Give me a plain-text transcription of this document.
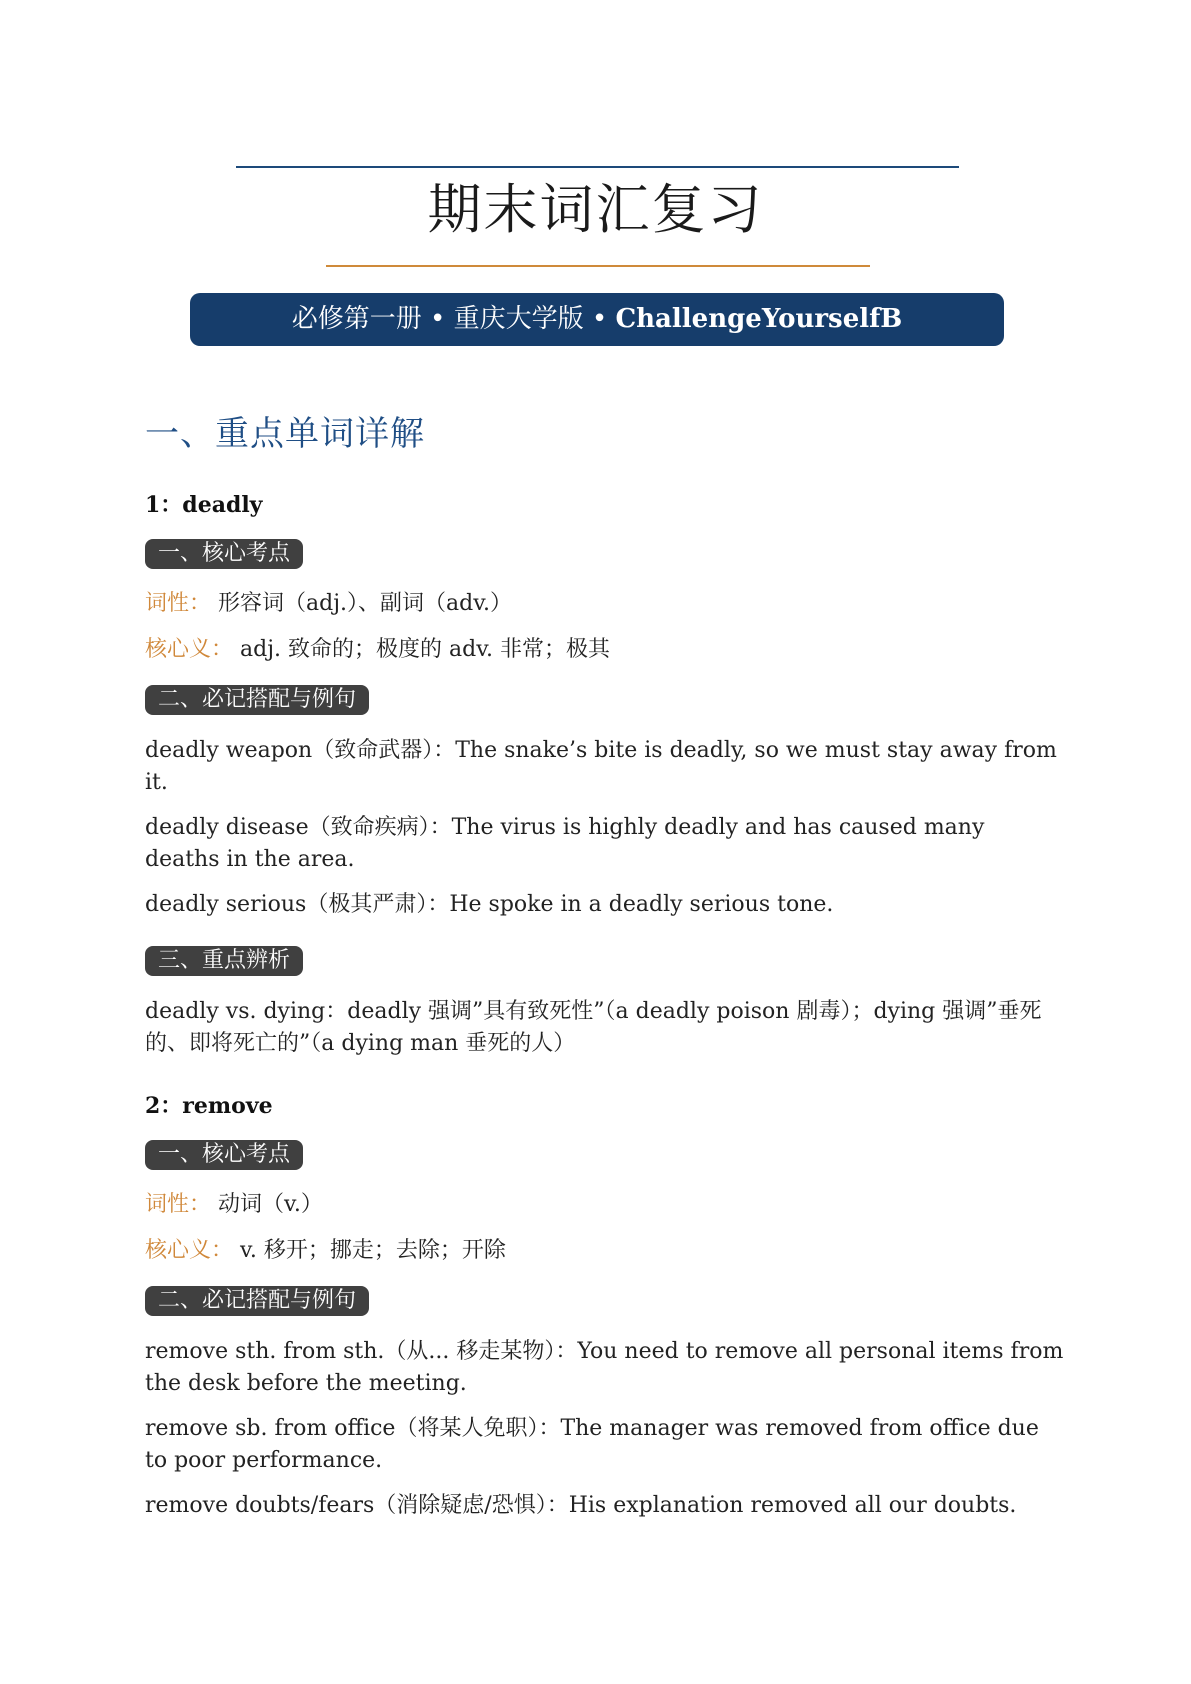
期末词汇复习
必修第一册 • 重庆大学版 • ChallengeYourselfB
一、重点单词详解
1：deadly
一、核心考点
词性： 形容词（adj.）、副词（adv.）
核心义： adj. 致命的；极度的 adv. 非常；极其
二、必记搭配与例句

deadly weapon（致命武器）：The snake’s bite is deadly, so we must stay away from it.

deadly disease（致命疾病）：The virus is highly deadly and has caused many deaths in the area.

deadly serious（极其严肃）：He spoke in a deadly serious tone.

三、重点辨析

deadly vs. dying：deadly 强调”具有致死性”（a deadly poison 剧毒）；dying 强调”垂死的、即将死亡的”（a dying man 垂死的人）

2：remove
一、核心考点
词性： 动词（v.）
核心义： v. 移开；挪走；去除；开除
二、必记搭配与例句

remove sth. from sth.（从... 移走某物）：You need to remove all personal items from the desk before the meeting.

remove sb. from office（将某人免职）：The manager was removed from office due to poor performance.

remove doubts/fears（消除疑虑/恐惧）：His explanation removed all our doubts.
